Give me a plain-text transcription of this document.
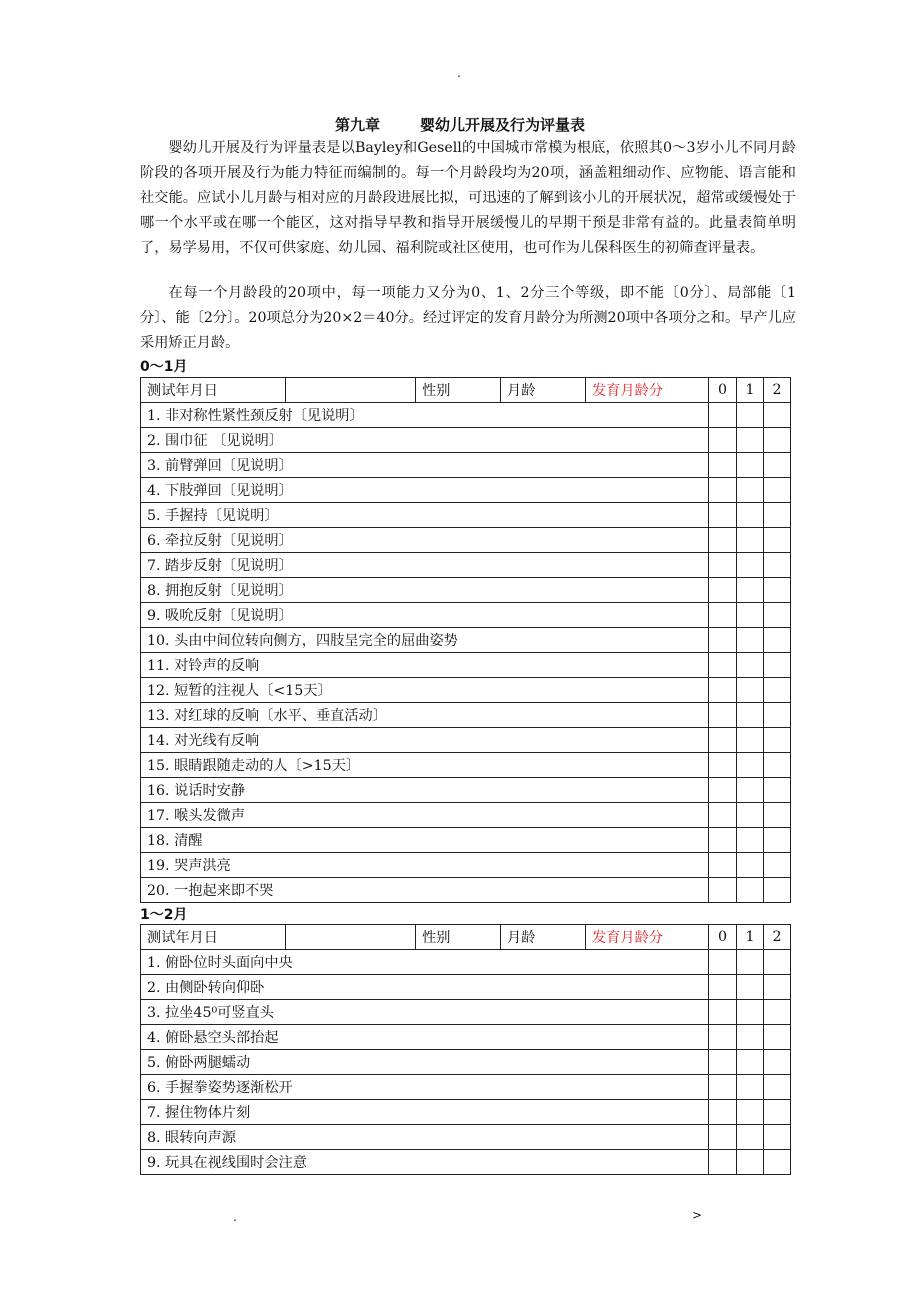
.
第九章	婴幼儿开展及行为评量表

婴幼儿开展及行为评量表是以Bayley和Gesell的中国城市常模为根底，依照其0～3岁小儿不同月龄阶段的各项开展及行为能力特征而编制的。每一个月龄段均为20项，涵盖粗细动作、应物能、语言能和社交能。应试小儿月龄与相对应的月龄段进展比拟，可迅速的了解到该小儿的开展状况，超常或缓慢处于哪一个水平或在哪一个能区，这对指导早教和指导开展缓慢儿的早期干预是非常有益的。此量表简单明了，易学易用，不仅可供家庭、幼儿园、福利院或社区使用，也可作为儿保科医生的初筛查评量表。

在每一个月龄段的20项中，每一项能力又分为0、1、2分三个等级，即不能〔0分〕、局部能〔1分〕、能〔2分〕。20项总分为20×2＝40分。经过评定的发育月龄分为所测20项中各项分之和。早产儿应采用矫正月龄。

0～1月
测试年月日		性别	月龄	发育月龄分	0	1	2
1. 非对称性紧性颈反射〔见说明〕							
2. 围巾征 〔见说明〕							
3. 前臂弹回〔见说明〕							
4. 下肢弹回〔见说明〕							
5. 手握持〔见说明〕							
6. 牵拉反射〔见说明〕							
7. 踏步反射〔见说明〕							
8. 拥抱反射〔见说明〕							
9. 吸吮反射〔见说明〕							
10. 头由中间位转向侧方，四肢呈完全的屈曲姿势							
11. 对铃声的反响							
12. 短暂的注视人〔<15天〕							
13. 对红球的反响〔水平、垂直活动〕							
14. 对光线有反响							
15. 眼睛跟随走动的人〔>15天〕							
16. 说话时安静							
17. 喉头发微声							
18. 清醒							
19. 哭声洪亮							
20. 一抱起来即不哭							
1～2月
测试年月日		性别	月龄	发育月龄分	0	1	2
1. 俯卧位时头面向中央							
2. 由侧卧转向仰卧							
3. 拉坐45⁰可竖直头							
4. 俯卧悬空头部抬起							
5. 俯卧两腿蠕动							
6. 手握拳姿势逐渐松开							
7. 握住物体片刻							
8. 眼转向声源							
9. 玩具在视线围时会注意							
.	>
